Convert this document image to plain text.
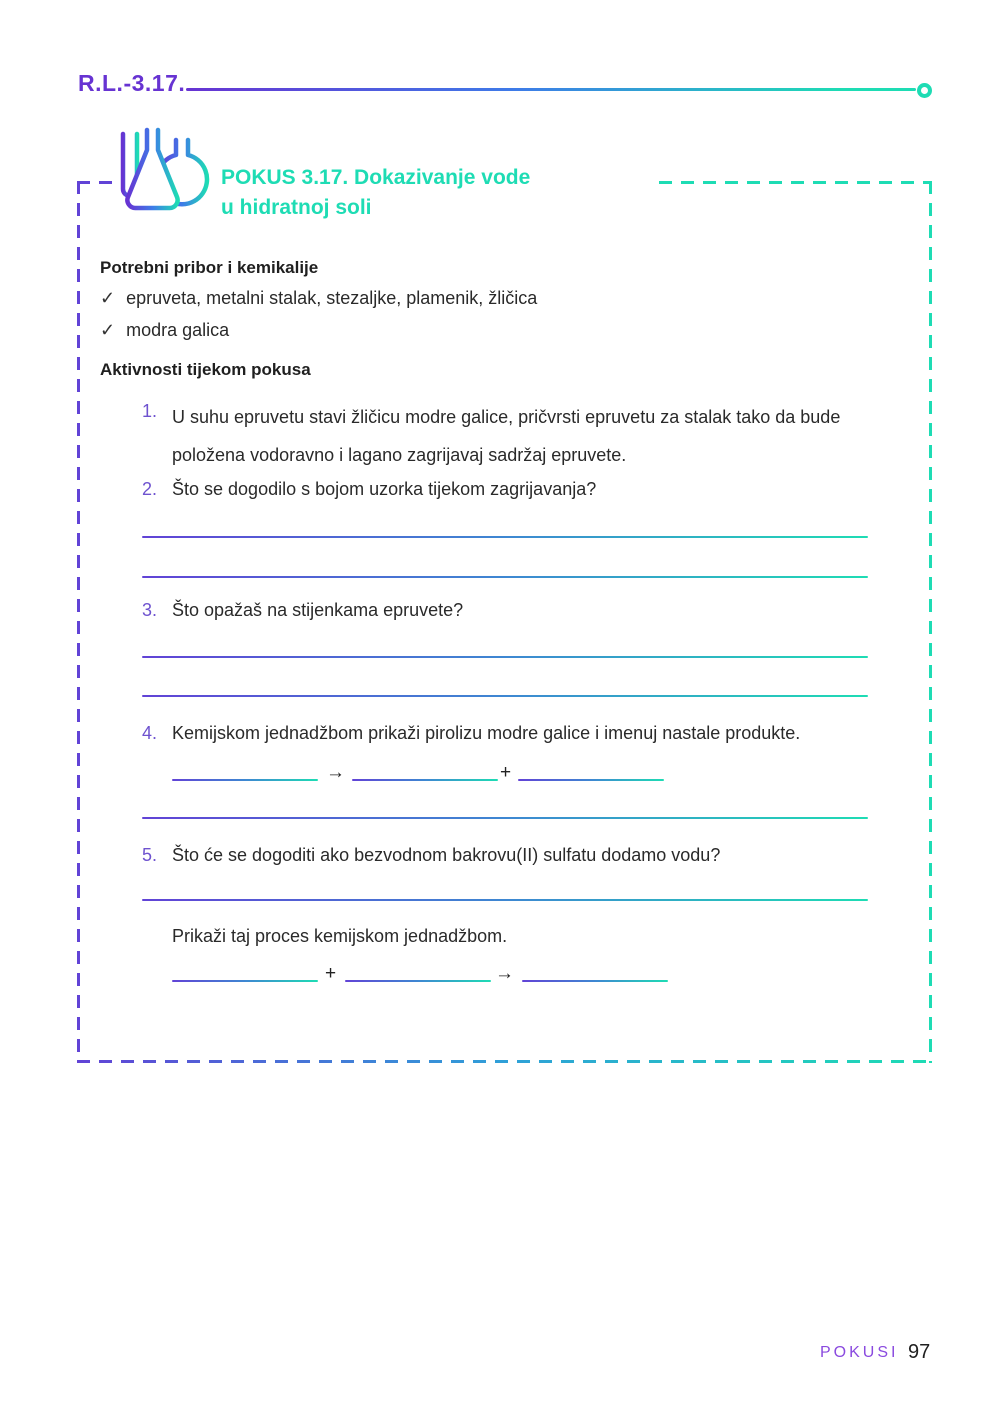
R.L.-3.17.
POKUS 3.17. Dokazivanje vode
u hidratnoj soli
Potrebni pribor i kemikalije
✓ epruveta, metalni stalak, stezaljke, plamenik, žličica
✓ modra galica
Aktivnosti tijekom pokusa
1. U suhu epruvetu stavi žličicu modre galice, pričvrsti epruvetu za stalak tako da bude položena vodoravno i lagano zagrijavaj sadržaj epruvete.
2. Što se dogodilo s bojom uzorka tijekom zagrijavanja?
3. Što opažaš na stijenkama epruvete?
4. Kemijskom jednadžbom prikaži pirolizu modre galice i imenuj nastale produkte.
→	+
5. Što će se dogoditi ako bezvodnom bakrovu(II) sulfatu dodamo vodu?
Prikaži taj proces kemijskom jednadžbom.
+	→
POKUSI 97
